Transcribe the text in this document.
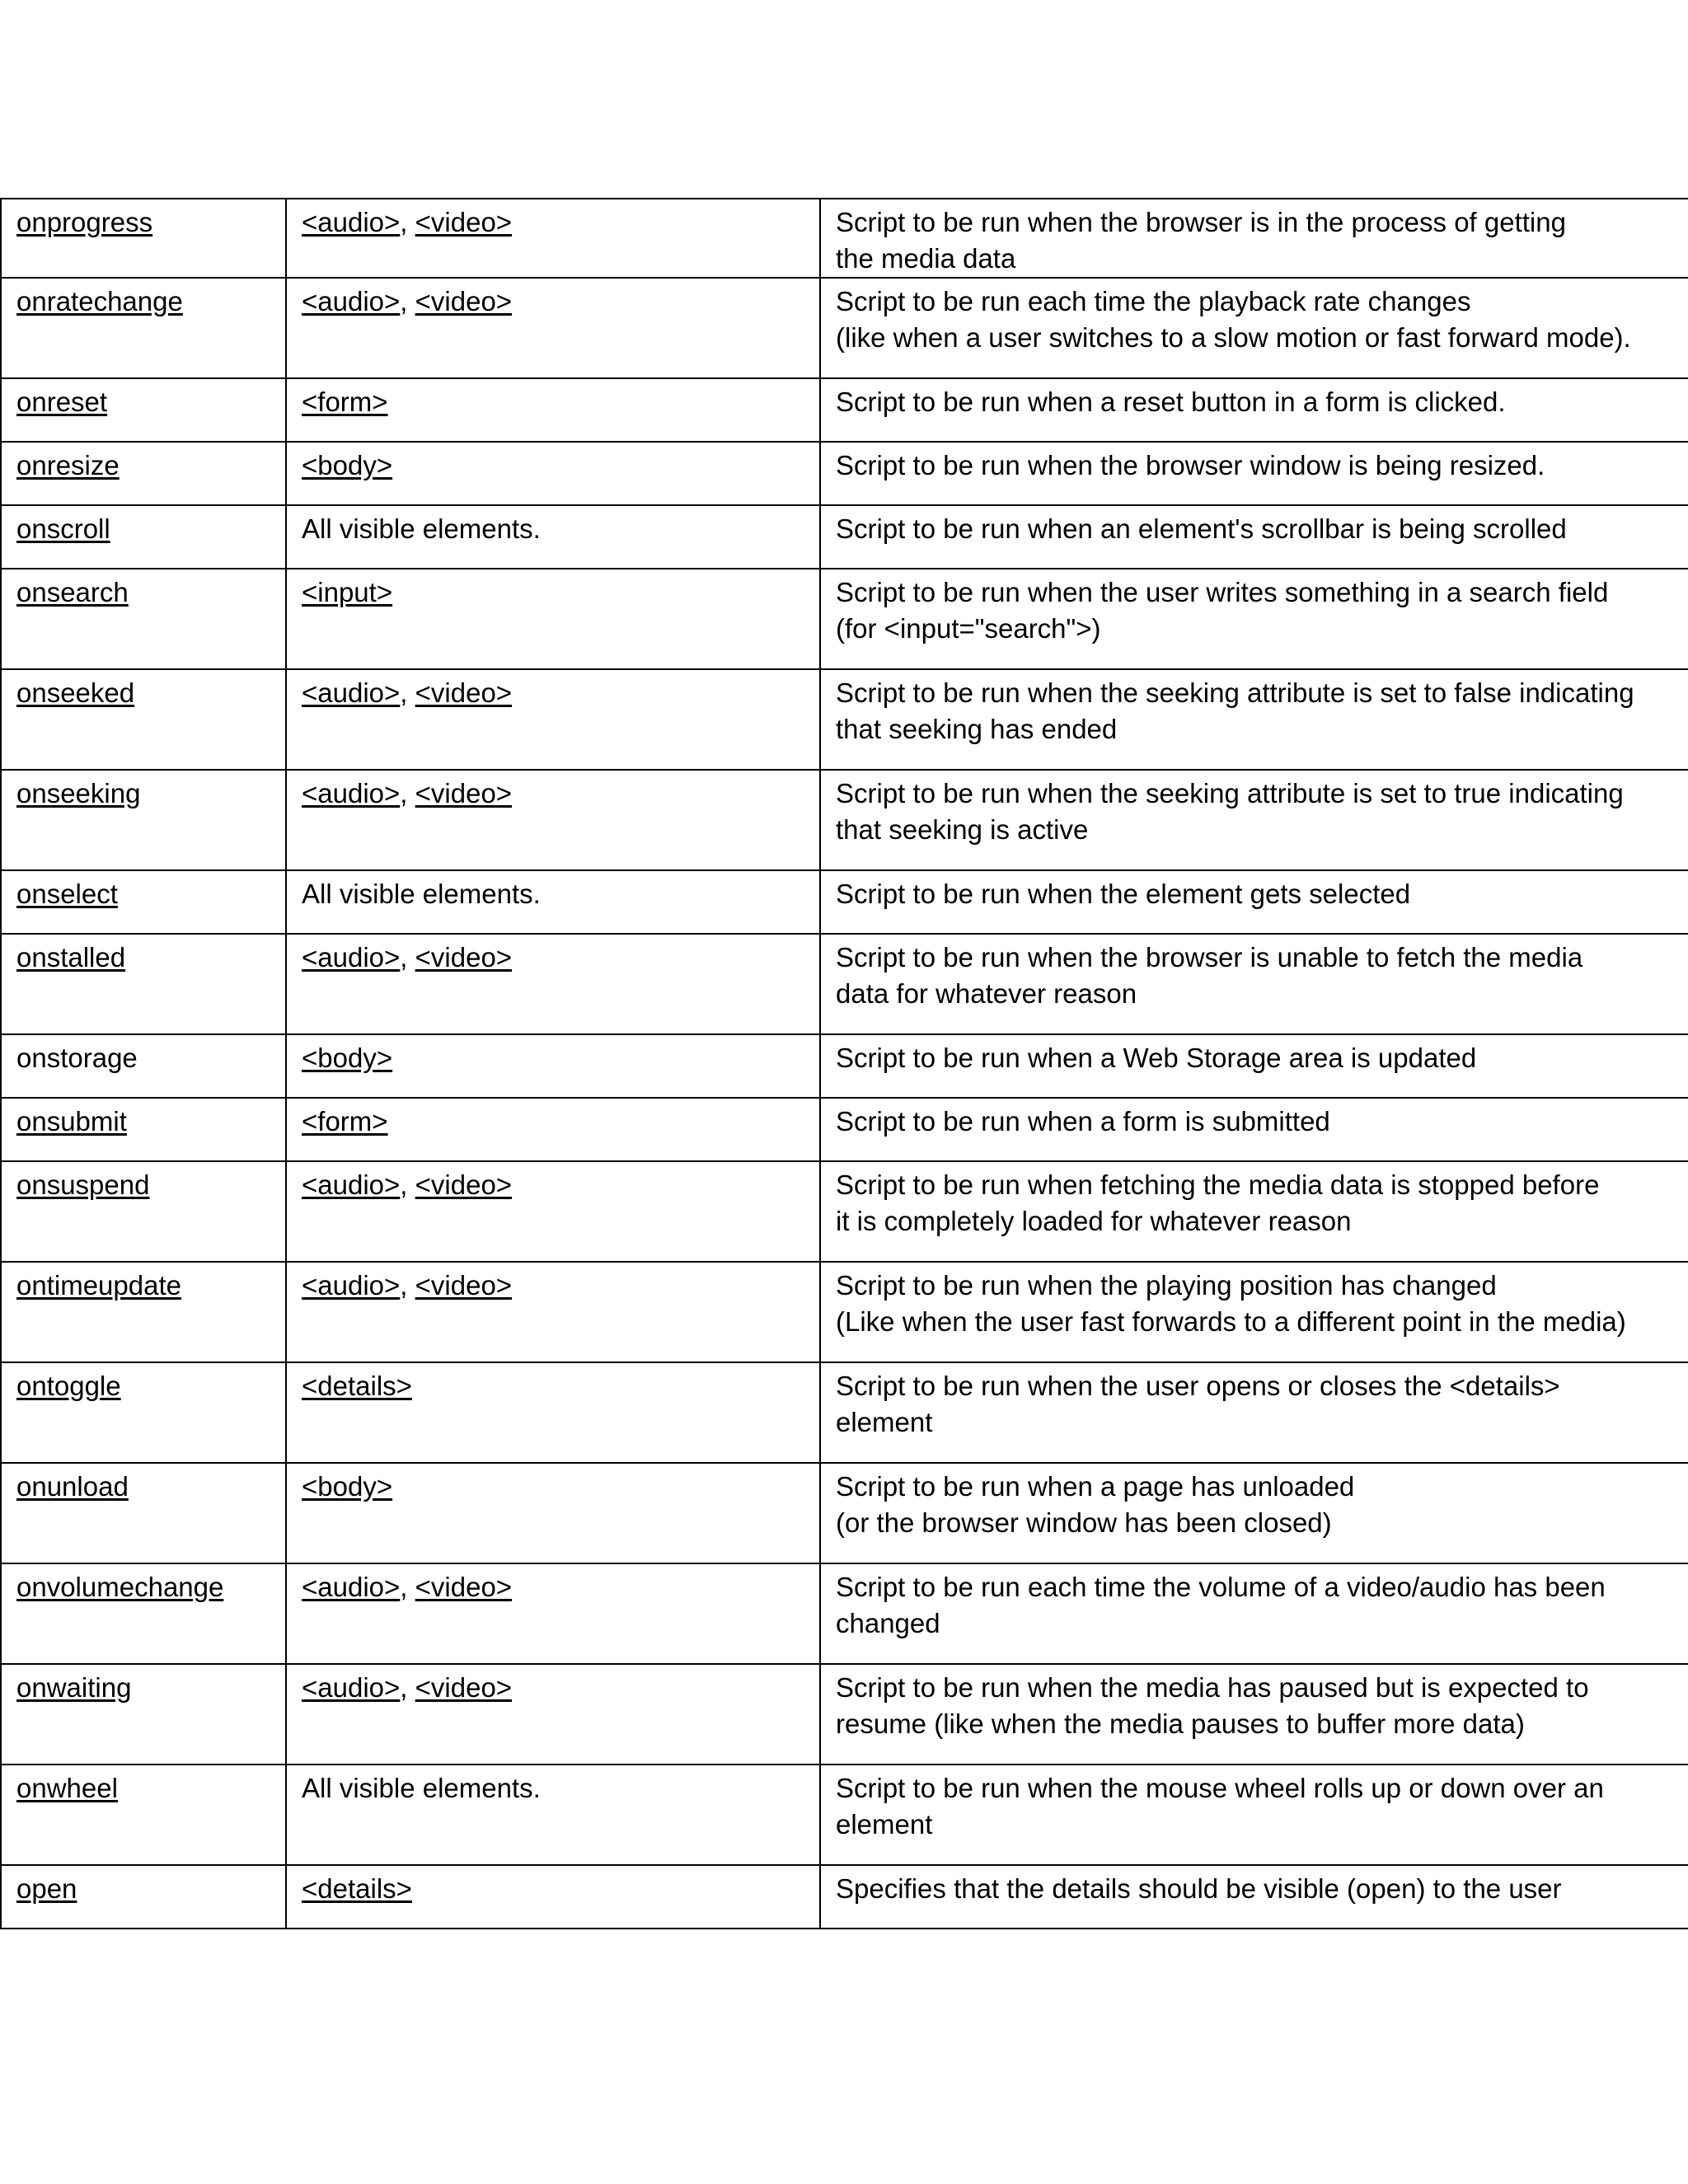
onprogress	<audio>, <video>	Script to be run when the browser is in the process of getting
the media data

onratechange	<audio>, <video>	Script to be run each time the playback rate changes
(like when a user switches to a slow motion or fast forward mode).

onreset	<form>	Script to be run when a reset button in a form is clicked.

onresize	<body>	Script to be run when the browser window is being resized.

onscroll	All visible elements.	Script to be run when an element's scrollbar is being scrolled

onsearch	<input>	Script to be run when the user writes something in a search field
(for <input="search">)

onseeked	<audio>, <video>	Script to be run when the seeking attribute is set to false indicating
that seeking has ended

onseeking	<audio>, <video>	Script to be run when the seeking attribute is set to true indicating
that seeking is active

onselect	All visible elements.	Script to be run when the element gets selected

onstalled	<audio>, <video>	Script to be run when the browser is unable to fetch the media
data for whatever reason

onstorage	<body>	Script to be run when a Web Storage area is updated

onsubmit	<form>	Script to be run when a form is submitted

onsuspend	<audio>, <video>	Script to be run when fetching the media data is stopped before
it is completely loaded for whatever reason

ontimeupdate	<audio>, <video>	Script to be run when the playing position has changed
(Like when the user fast forwards to a different point in the media)

ontoggle	<details>	Script to be run when the user opens or closes the <details>
element

onunload	<body>	Script to be run when a page has unloaded
(or the browser window has been closed)

onvolumechange	<audio>, <video>	Script to be run each time the volume of a video/audio has been
changed

onwaiting	<audio>, <video>	Script to be run when the media has paused but is expected to
resume (like when the media pauses to buffer more data)

onwheel	All visible elements.	Script to be run when the mouse wheel rolls up or down over an
element

open	<details>	Specifies that the details should be visible (open) to the user
